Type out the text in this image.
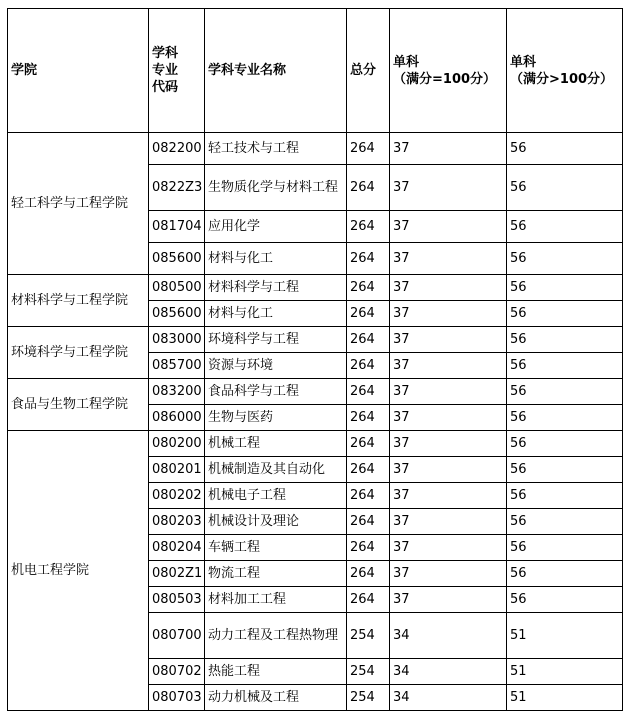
学院	学科
专业
代码	学科专业名称	总分	单科
（满分=100分）	单科
（满分>100分）

轻工科学与工程学院	082200	轻工技术与工程	264	37	56
	0822Z3	生物质化学与材料工程	264	37	56
	081704	应用化学	264	37	56
	085600	材料与化工	264	37	56
材料科学与工程学院	080500	材料科学与工程	264	37	56
	085600	材料与化工	264	37	56
环境科学与工程学院	083000	环境科学与工程	264	37	56
	085700	资源与环境	264	37	56
食品与生物工程学院	083200	食品科学与工程	264	37	56
	086000	生物与医药	264	37	56
机电工程学院	080200	机械工程	264	37	56
	080201	机械制造及其自动化	264	37	56
	080202	机械电子工程	264	37	56
	080203	机械设计及理论	264	37	56
	080204	车辆工程	264	37	56
	0802Z1	物流工程	264	37	56
	080503	材料加工工程	264	37	56
	080700	动力工程及工程热物理	254	34	51
	080702	热能工程	254	34	51
	080703	动力机械及工程	254	34	51
